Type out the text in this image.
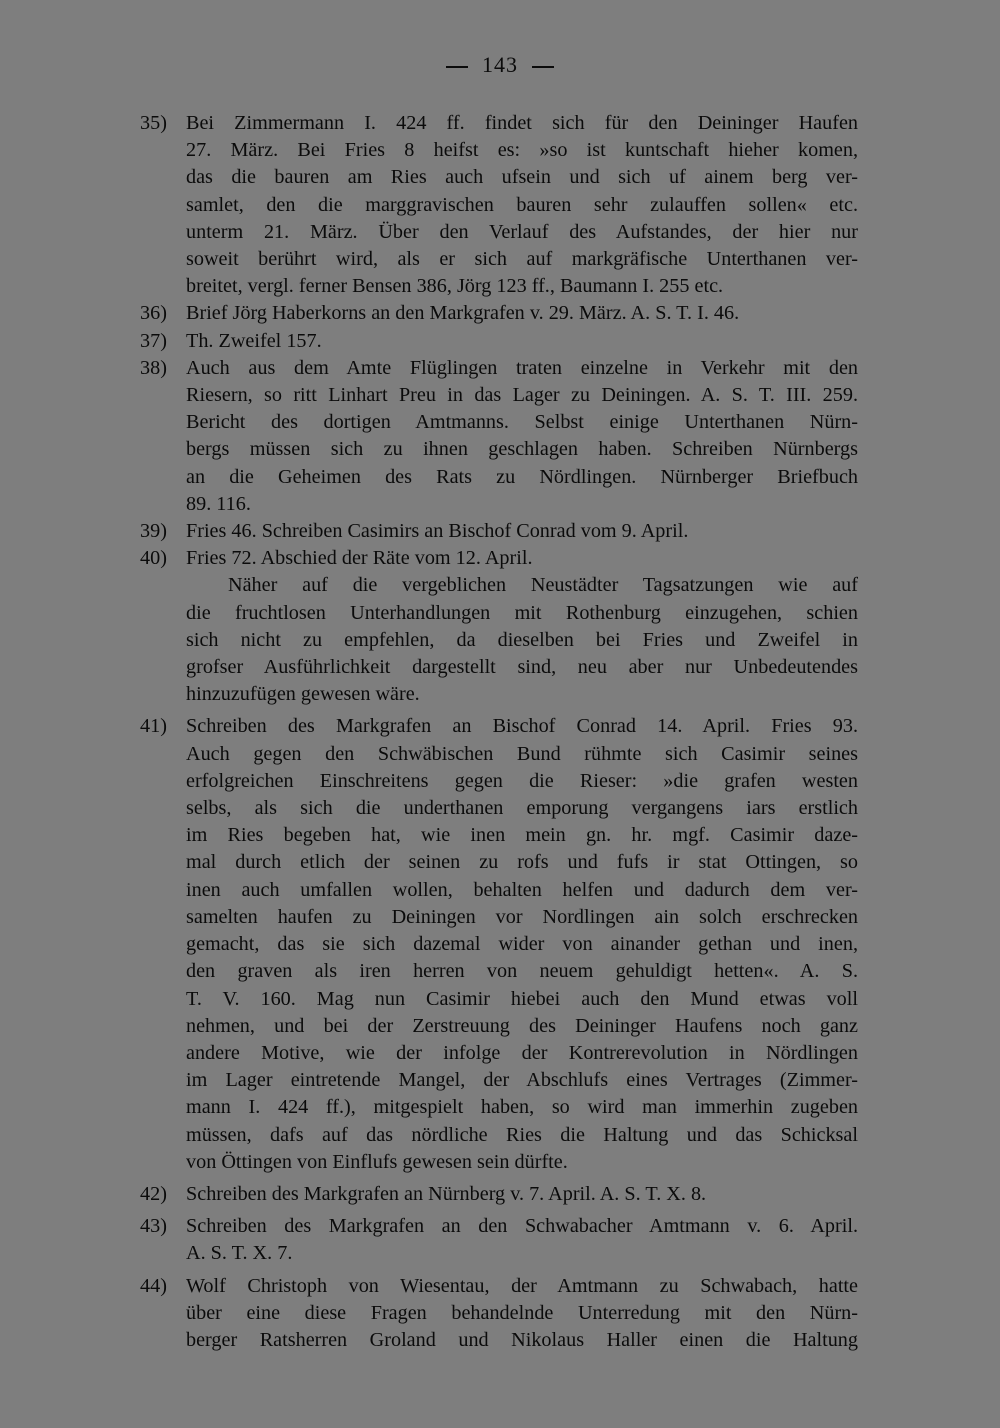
143
35) Bei Zimmermann I. 424 ff. findet sich für den Deininger Haufen
27. März. Bei Fries 8 heifst es: »so ist kuntschaft hieher komen,
das die bauren am Ries auch ufsein und sich uf ainem berg ver-
samlet, den die marggravischen bauren sehr zulauffen sollen« etc.
unterm 21. März. Über den Verlauf des Aufstandes, der hier nur
soweit berührt wird, als er sich auf markgräfische Unterthanen ver-
breitet, vergl. ferner Bensen 386, Jörg 123 ff., Baumann I. 255 etc.
36) Brief Jörg Haberkorns an den Markgrafen v. 29. März. A. S. T. I. 46.
37) Th. Zweifel 157.
38) Auch aus dem Amte Flüglingen traten einzelne in Verkehr mit den
Riesern, so ritt Linhart Preu in das Lager zu Deiningen. A. S. T. III. 259.
Bericht des dortigen Amtmanns. Selbst einige Unterthanen Nürn-
bergs müssen sich zu ihnen geschlagen haben. Schreiben Nürnbergs
an die Geheimen des Rats zu Nördlingen. Nürnberger Briefbuch
89. 116.
39) Fries 46. Schreiben Casimirs an Bischof Conrad vom 9. April.
40) Fries 72. Abschied der Räte vom 12. April.
Näher auf die vergeblichen Neustädter Tagsatzungen wie auf
die fruchtlosen Unterhandlungen mit Rothenburg einzugehen, schien
sich nicht zu empfehlen, da dieselben bei Fries und Zweifel in
grofser Ausführlichkeit dargestellt sind, neu aber nur Unbedeutendes
hinzuzufügen gewesen wäre.
41) Schreiben des Markgrafen an Bischof Conrad 14. April. Fries 93.
Auch gegen den Schwäbischen Bund rühmte sich Casimir seines
erfolgreichen Einschreitens gegen die Rieser: »die grafen westen
selbs, als sich die underthanen emporung vergangens iars erstlich
im Ries begeben hat, wie inen mein gn. hr. mgf. Casimir daze-
mal durch etlich der seinen zu rofs und fufs ir stat Ottingen, so
inen auch umfallen wollen, behalten helfen und dadurch dem ver-
samelten haufen zu Deiningen vor Nordlingen ain solch erschrecken
gemacht, das sie sich dazemal wider von ainander gethan und inen,
den graven als iren herren von neuem gehuldigt hetten«. A. S.
T. V. 160. Mag nun Casimir hiebei auch den Mund etwas voll
nehmen, und bei der Zerstreuung des Deininger Haufens noch ganz
andere Motive, wie der infolge der Kontrerevolution in Nördlingen
im Lager eintretende Mangel, der Abschlufs eines Vertrages (Zimmer-
mann I. 424 ff.), mitgespielt haben, so wird man immerhin zugeben
müssen, dafs auf das nördliche Ries die Haltung und das Schicksal
von Öttingen von Einflufs gewesen sein dürfte.
42) Schreiben des Markgrafen an Nürnberg v. 7. April. A. S. T. X. 8.
43) Schreiben des Markgrafen an den Schwabacher Amtmann v. 6. April.
A. S. T. X. 7.
44) Wolf Christoph von Wiesentau, der Amtmann zu Schwabach, hatte
über eine diese Fragen behandelnde Unterredung mit den Nürn-
berger Ratsherren Groland und Nikolaus Haller einen die Haltung
